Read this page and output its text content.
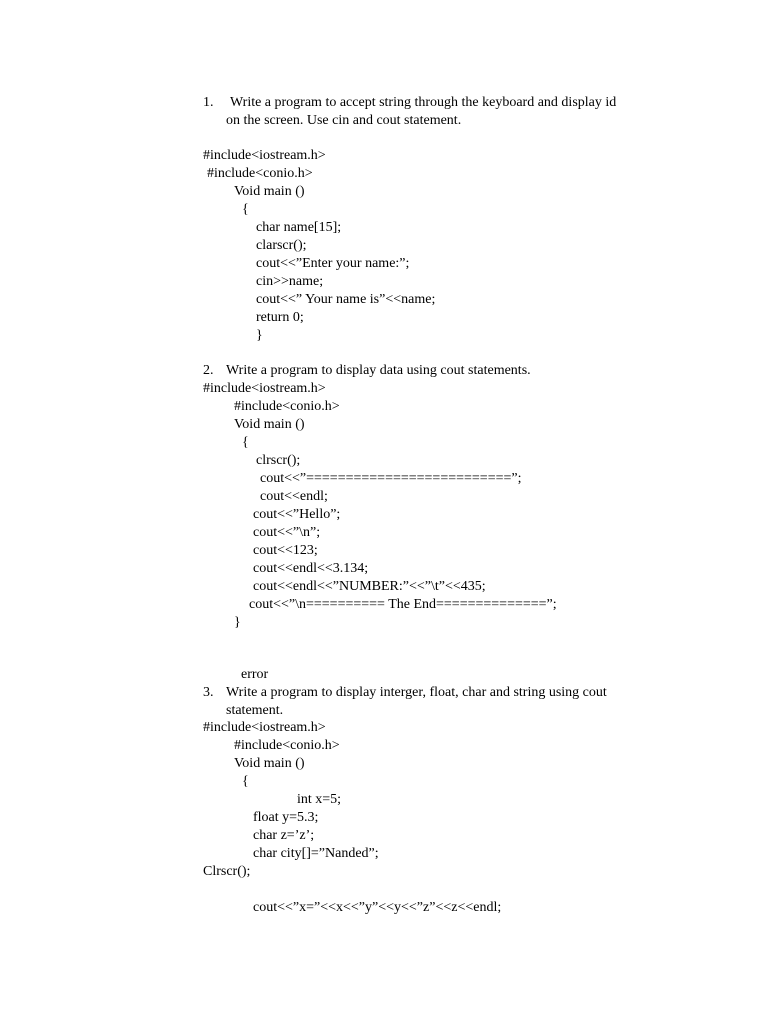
1. Write a program to accept string through the keyboard and display id
on the screen. Use cin and cout statement.
#include<iostream.h>
#include<conio.h>
Void main ()
{
char name[15];
clarscr();
cout<<”Enter your name:”;
cin>>name;
cout<<” Your name is”<<name;
return 0;
}
2. Write a program to display data using cout statements.
#include<iostream.h>
#include<conio.h>
Void main ()
{
clrscr();
cout<<”==========================”;
cout<<endl;
cout<<”Hello”;
cout<<”\n”;
cout<<123;
cout<<endl<<3.134;
cout<<endl<<”NUMBER:”<<”\t”<<435;
cout<<”\n========== The End==============”;
}
error
3. Write a program to display interger, float, char and string using cout
statement.
#include<iostream.h>
#include<conio.h>
Void main ()
{
int x=5;
float y=5.3;
char z=’z’;
char city[]=”Nanded”;
Clrscr();
cout<<”x=”<<x<<”y”<<y<<”z”<<z<<endl;
